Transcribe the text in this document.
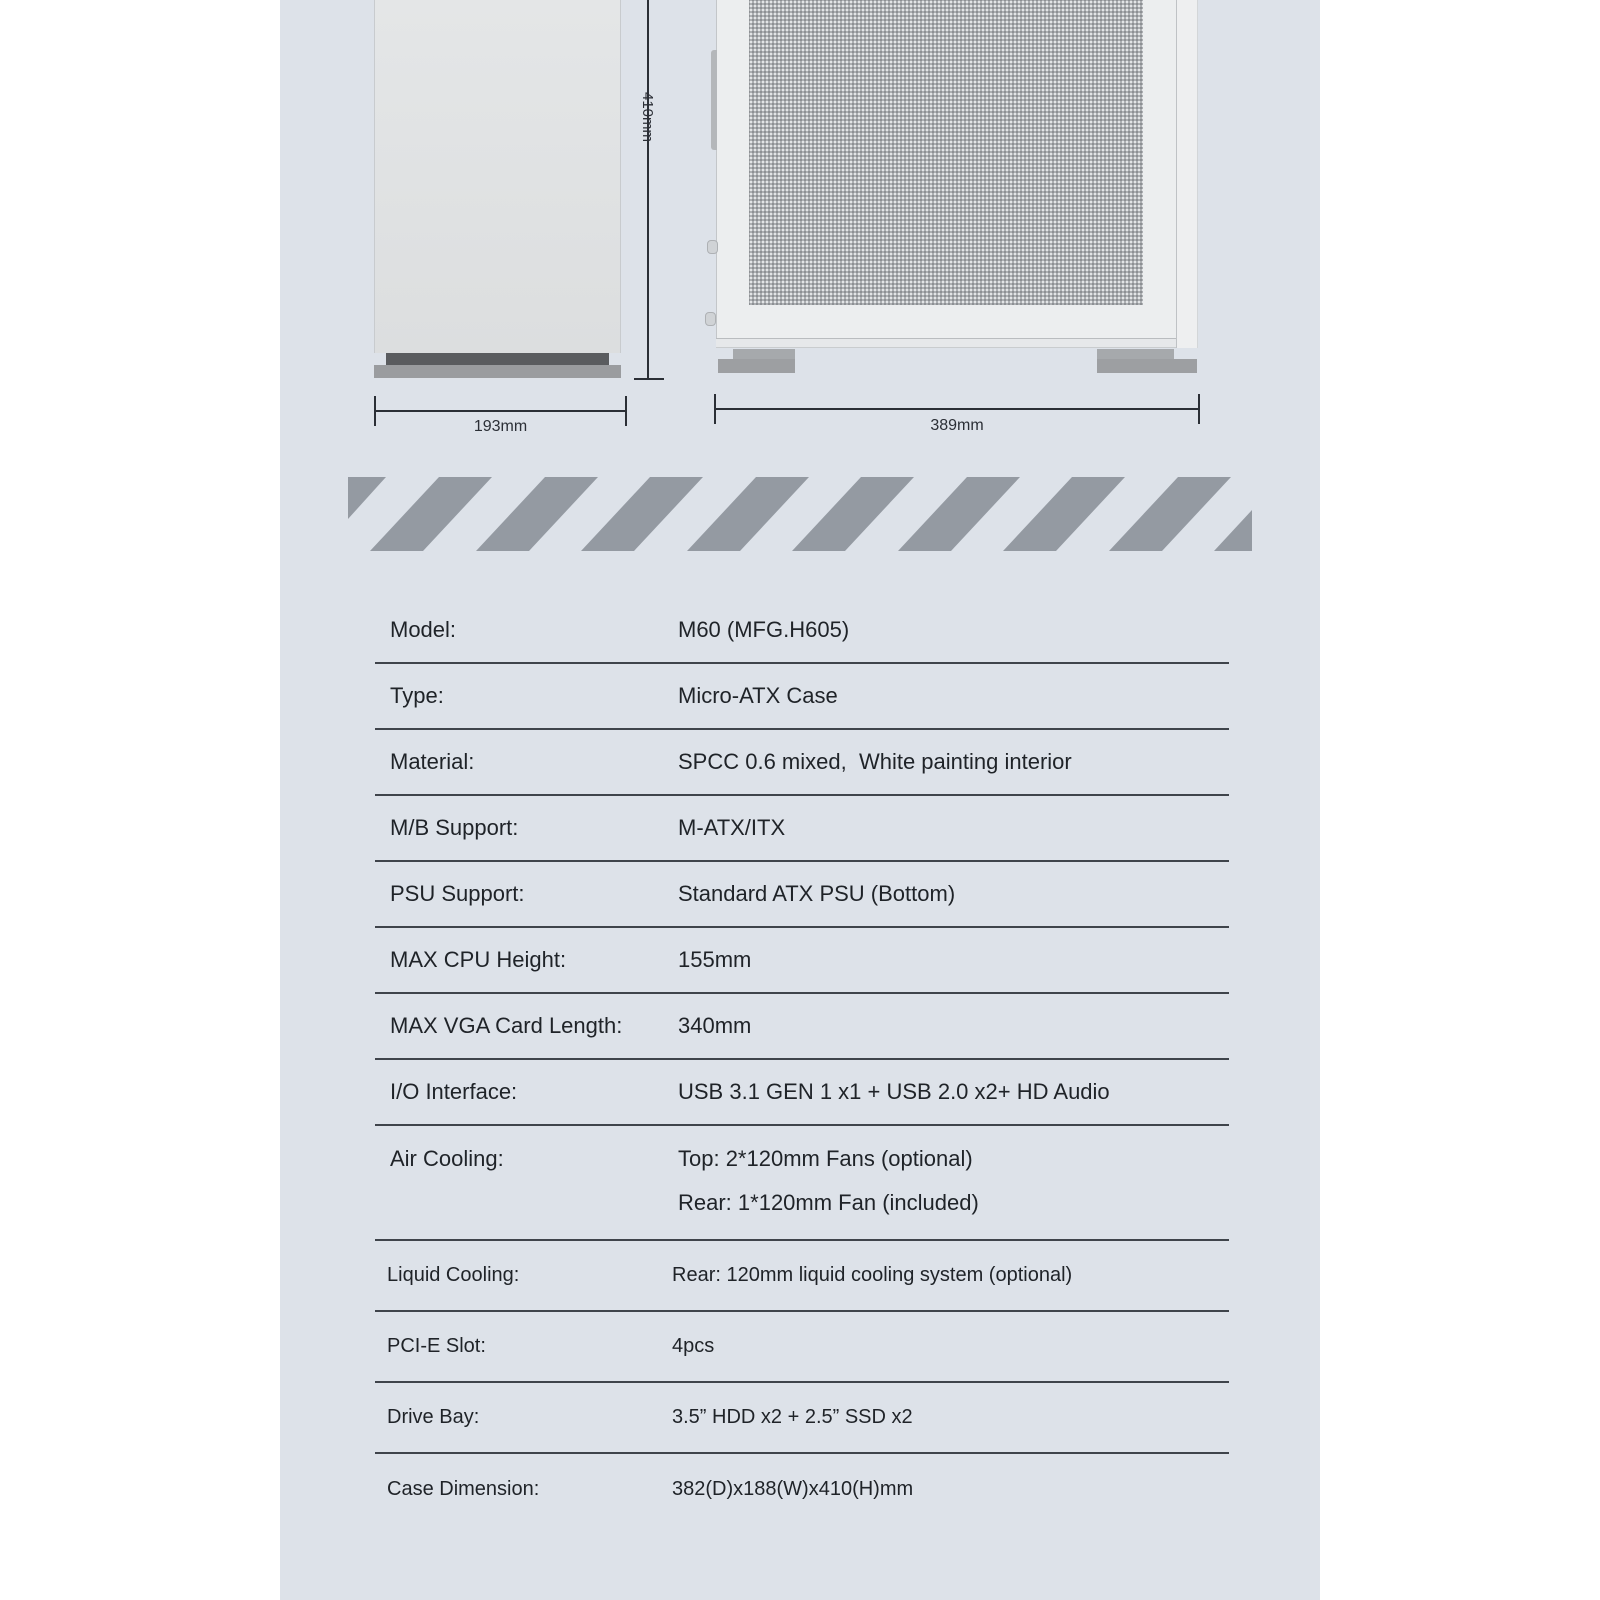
410mm
193mm	389mm
Model:	M60 (MFG.H605)
Type:	Micro-ATX Case
Material:	SPCC 0.6 mixed,  White painting interior
M/B Support:	M-ATX/ITX
PSU Support:	Standard ATX PSU (Bottom)
MAX CPU Height:	155mm
MAX VGA Card Length:	340mm
I/O Interface:	USB 3.1 GEN 1 x1 + USB 2.0 x2+ HD Audio
Air Cooling:	Top: 2*120mm Fans (optional)
Rear: 1*120mm Fan (included)
Liquid Cooling:	Rear: 120mm liquid cooling system (optional)
PCI-E Slot:	4pcs
Drive Bay:	3.5” HDD x2 + 2.5” SSD x2
Case Dimension:	382(D)x188(W)x410(H)mm
